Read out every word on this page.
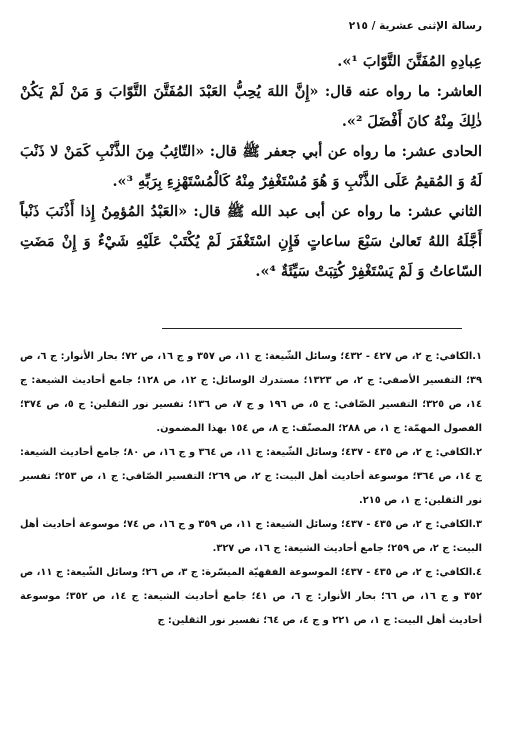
رسالة الإثنى عشرية / ٢١٥

عِبادِهِ المُفَتَّنَ التَّوّابَ ¹».

العاشر: ما رواه عنه قال: «إِنَّ اللهَ يُحِبُّ العَبْدَ المُفَتَّنَ التَّوّابَ وَ مَنْ لَمْ يَكُنْ ذٰلِكَ مِنْهُ كانَ أَفْضَلَ ²».

الحادى عشر: ما رواه عن أبي جعفر ﷺ قال: «التّائِبُ مِنَ الذَّنْبِ كَمَنْ لا ذَنْبَ لَهُ وَ المُقيمُ عَلَى الذَّنْبِ وَ هُوَ مُسْتَغْفِرٌ مِنْهُ كَالْمُسْتَهْزِءِ بِرَبِّهِ ³».

الثاني عشر: ما رواه عن أبى عبد الله ﷺ قال: «العَبْدُ المُؤمِنُ إِذا أَذْنَبَ ذَنْباً أَجَّلَهُ اللهُ تَعالىٰ سَبْعَ ساعاتٍ فَإِنِ اسْتَغْفَرَ لَمْ يُكْتَبْ عَلَيْهِ شَيْءٌ وَ إِنْ مَضَتِ السّاعاتُ وَ لَمْ يَسْتَغْفِرْ كُتِبَتْ سَيِّئَةٌ ⁴».

١.الكافي: ج ٢، ص ٤٢٧ - ٤٣٢؛ وسائل الشّيعة: ج ١١، ص ٣٥٧ و ج ١٦، ص ٧٢؛ بحار الأنوار: ج ٦، ص ٣٩؛ التفسير الأصفي: ج ٢، ص ١٣٢٣؛ مستدرك الوسائل: ج ١٢، ص ١٢٨؛ جامع أحاديث الشيعة: ج ١٤، ص ٣٢٥؛ التفسير الصّافي: ج ٥، ص ١٩٦ و ج ٧، ص ١٣٦؛ تفسير نور الثقلين: ج ٥، ص ٣٧٤؛ الفصول المهمّة: ج ١، ص ٢٨٨؛ المصنّف: ج ٨، ص ١٥٤ بهذا المضمون.

٢.الكافي: ج ٢، ص ٤٣٥ - ٤٣٧؛ وسائل الشّيعة: ج ١١، ص ٣٦٤ و ج ١٦، ص ٨٠؛ جامع أحاديث الشيعة: ج ١٤، ص ٣٦٤؛ موسوعة أحاديث أهل البيت: ج ٢، ص ٢٦٩؛ التفسير الصّافي: ج ١، ص ٢٥٣؛ تفسير نور الثقلين: ج ١، ص ٢١٥.

٣.الكافي: ج ٢، ص ٤٣٥ - ٤٣٧؛ وسائل الشيعة: ج ١١، ص ٣٥٩ و ج ١٦، ص ٧٤؛ موسوعة أحاديث أهل البيت: ج ٢، ص ٢٥٩؛ جامع أحاديث الشيعة: ج ١٦، ص ٣٢٧.

٤.الكافي: ج ٢، ص ٤٣٥ - ٤٣٧؛ الموسوعة الفقهيّة الميسّرة: ج ٣، ص ٢٦؛ وسائل الشّيعة: ج ١١، ص ٣٥٢ و ج ١٦، ص ٦٦؛ بحار الأنوار: ج ٦، ص ٤١؛ جامع أحاديث الشيعة: ج ١٤، ص ٣٥٢؛ موسوعة أحاديث أهل البيت: ج ١، ص ٢٢١ و ج ٤، ص ٦٤؛ تفسير نور الثقلين: ج
